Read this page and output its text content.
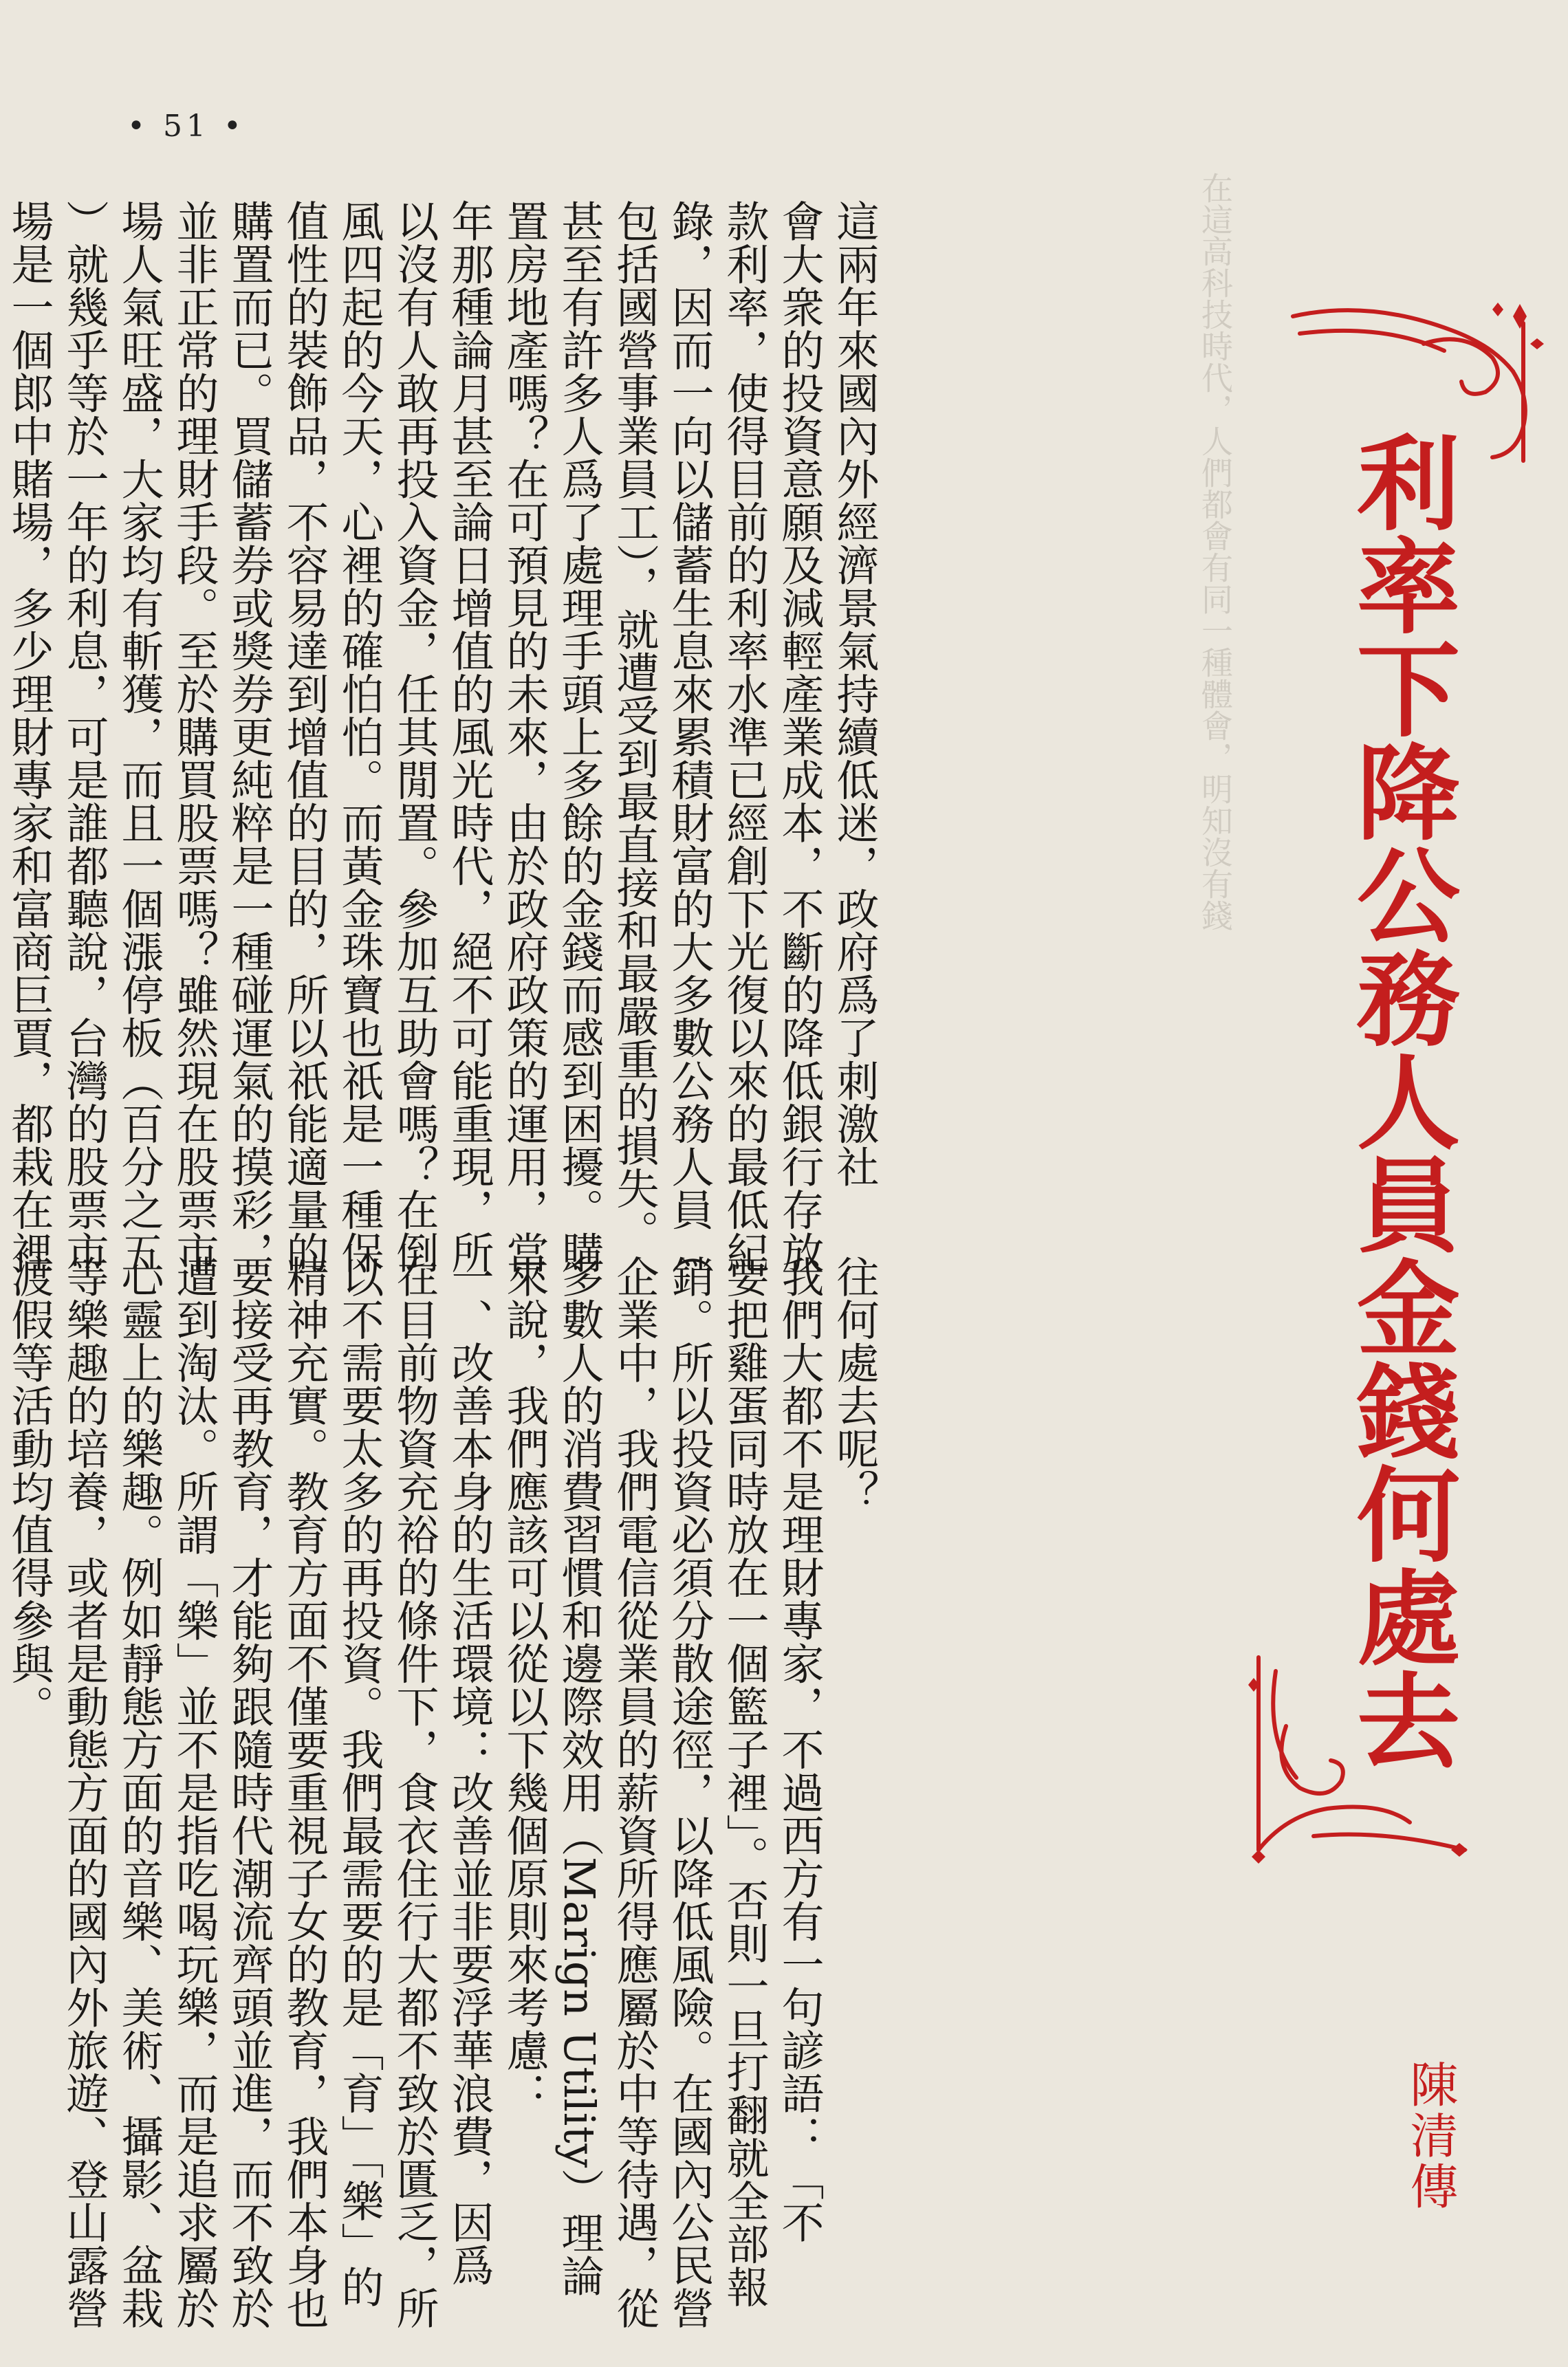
• 51 •
在這高科技時代，人們都會有同一種體會，明知沒有錢 利率下降公務人員金錢何處去
陳清傳
這兩年來國內外經濟景氣持續低迷，政府爲了刺激社
會大衆的投資意願及減輕產業成本，不斷的降低銀行存放
款利率，使得目前的利率水準已經創下光復以來的最低紀
錄，因而一向以儲蓄生息來累積財富的大多數公務人員（
包括國營事業員工），就遭受到最直接和最嚴重的損失。
甚至有許多人爲了處理手頭上多餘的金錢而感到困擾。購
置房地產嗎？在可預見的未來，由於政府政策的運用，當
年那種論月甚至論日增值的風光時代，絕不可能重現，所
以沒有人敢再投入資金，任其閒置。參加互助會嗎？在倒
風四起的今天，心裡的確怕怕。而黃金珠寶也祇是一種保
值性的裝飾品，不容易達到增值的目的，所以祇能適量的
購置而已。買儲蓄券或獎券更純粹是一種碰運氣的摸彩，
並非正常的理財手段。至於購買股票嗎？雖然現在股票市
場人氣旺盛，大家均有斬獲，而且一個漲停板（百分之五
）就幾乎等於一年的利息，可是誰都聽說，台灣的股票市
場是一個郎中賭場，多少理財專家和富商巨賈，都栽在裡
往何處去呢？
我們大都不是理財專家，不過西方有一句諺語：「不
要把雞蛋同時放在一個籃子裡」。否則一旦打翻就全部報
銷。所以投資必須分散途徑，以降低風險。在國內公民營
企業中，我們電信從業員的薪資所得應屬於中等待遇，從
多數人的消費習慣和邊際效用（Marign Utility）理論
來說，我們應該可以從以下幾個原則來考慮：
一、改善本身的生活環境：改善並非要浮華浪費，因爲
在目前物資充裕的條件下，食衣住行大都不致於匱乏，所
以不需要太多的再投資。我們最需要的是「育」「樂」的
精神充實。教育方面不僅要重視子女的教育，我們本身也
要接受再教育，才能夠跟隨時代潮流齊頭並進，而不致於
遭到淘汰。所謂「樂」並不是指吃喝玩樂，而是追求屬於
心靈上的樂趣。例如靜態方面的音樂、美術、攝影、盆栽
等樂趣的培養，或者是動態方面的國內外旅遊、登山露營
渡假等活動均值得參與。
